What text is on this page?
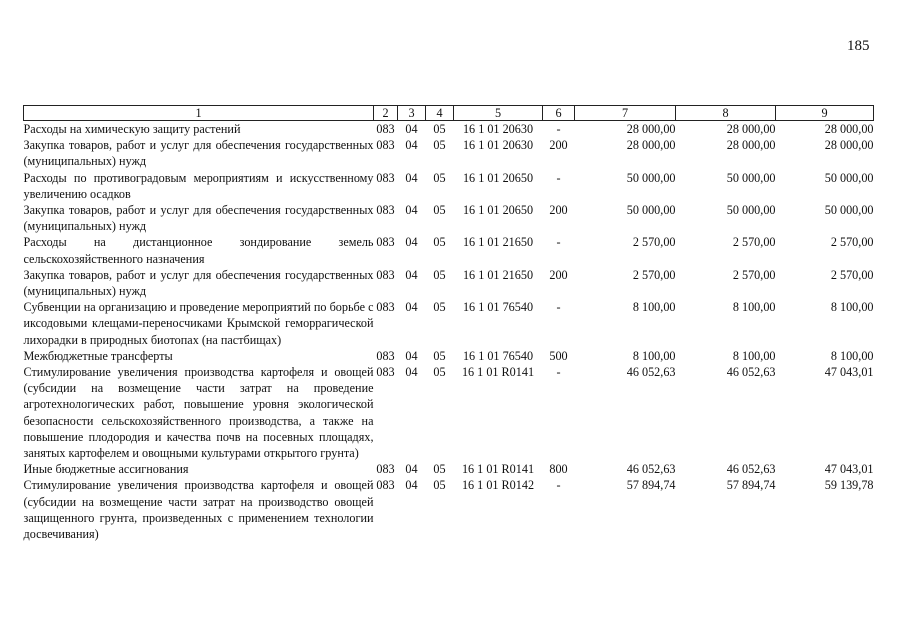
185
1	2	3	4	5	6	7	8	9
Расходы на химическую защиту растений	083	04	05	16 1 01 20630	-	28 000,00	28 000,00	28 000,00
Закупка товаров, работ и услуг для обеспечения государственных (муниципальных) нужд	083	04	05	16 1 01 20630	200	28 000,00	28 000,00	28 000,00
Расходы по противоградовым мероприятиям и искусственному увеличению осадков	083	04	05	16 1 01 20650	-	50 000,00	50 000,00	50 000,00
Закупка товаров, работ и услуг для обеспечения государственных (муниципальных) нужд	083	04	05	16 1 01 20650	200	50 000,00	50 000,00	50 000,00
Расходы на дистанционное зондирование земель сельскохозяйственного назначения	083	04	05	16 1 01 21650	-	2 570,00	2 570,00	2 570,00
Закупка товаров, работ и услуг для обеспечения государственных (муниципальных) нужд	083	04	05	16 1 01 21650	200	2 570,00	2 570,00	2 570,00
Субвенции на организацию и проведение мероприятий по борьбе с иксодовыми клещами-переносчиками Крымской геморрагической лихорадки в природных биотопах (на пастбищах)	083	04	05	16 1 01 76540	-	8 100,00	8 100,00	8 100,00
Межбюджетные трансферты	083	04	05	16 1 01 76540	500	8 100,00	8 100,00	8 100,00
Стимулирование увеличения производства картофеля и овощей (субсидии на возмещение части затрат на проведение агротехнологических работ, повышение уровня экологической безопасности сельскохозяйственного производства, а также на повышение плодородия и качества почв на посевных площадях, занятых картофелем и овощными культурами открытого грунта)	083	04	05	16 1 01 R0141	-	46 052,63	46 052,63	47 043,01
Иные бюджетные ассигнования	083	04	05	16 1 01 R0141	800	46 052,63	46 052,63	47 043,01
Стимулирование увеличения производства картофеля и овощей (субсидии на возмещение части затрат на производство овощей защищенного грунта, произведенных с применением технологии досвечивания)	083	04	05	16 1 01 R0142	-	57 894,74	57 894,74	59 139,78
